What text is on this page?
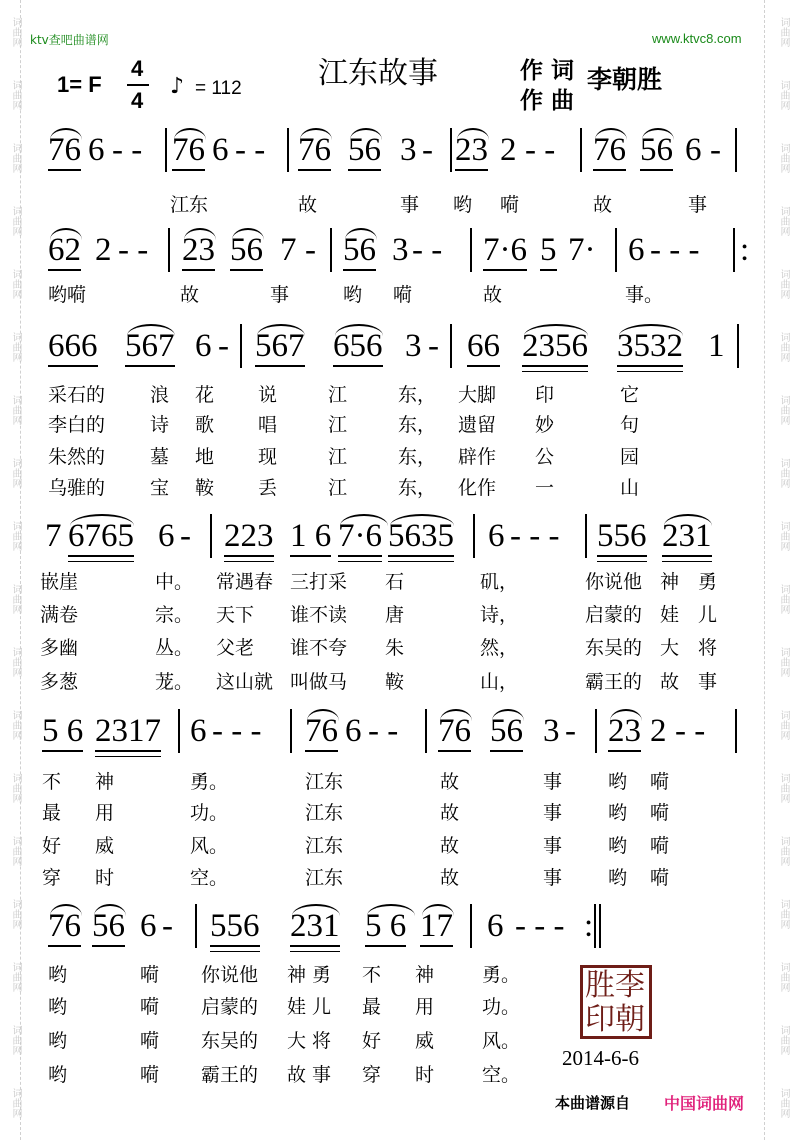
词曲网
词曲网
词曲网
词曲网
词曲网
词曲网
词曲网
词曲网
词曲网
词曲网
词曲网
词曲网
词曲网
词曲网
词曲网
词曲网
词曲网
词曲网
词曲网
词曲网
词曲网
词曲网
词曲网
词曲网
词曲网
词曲网
词曲网
词曲网
词曲网
词曲网
词曲网
词曲网
词曲网
词曲网
词曲网
词曲网
ktv查吧曲谱网	www.ktvc8.com
1= F
4
4
♪ = 112	江东故事	作 词
作 曲
李朝胜
76 6 - - 76 6 - - 76 56 3 - 23 2 - - 76 56 6 -
江东	故	事 哟 嗬	故	事
62 2 - - 23 56 7 - 56 3 - - 7·6 5 7· 6 - - - :
哟嗬	故	事	哟 嗬	故	事。
666 567 6 - 567 656 3 - 66 2356 3532 1
采石的 浪 花 说	江	东， 大脚 印	它
李白的 诗 歌 唱	江	东， 遗留 妙	句
朱然的 墓 地 现	江	东， 辟作 公	园
乌骓的 宝 鞍 丢	江	东， 化作 一	山
7 6765 6 - 223 1 6 7·6 5635 6 - - - 556 231
嵌崖	中。 常遇春 三打采 石	矶，	你说他 神 勇
满卷	宗。 天下 谁不读 唐	诗，	启蒙的 娃 儿
多幽	丛。 父老 谁不夸 朱	然，	东吴的 大 将
多葱	茏。 这山就 叫做马 鞍	山，	霸王的 故 事
5 6 2317 6 - - - 76 6 - - 76 56 3 - 23 2 - -
不 神	勇。	江东	故	事 哟 嗬
最 用	功。	江东	故	事 哟 嗬
好 威	风。	江东	故	事 哟 嗬
穿 时	空。	江东	故	事 哟 嗬
76 56 6 - 556 231 5 6 17 6 - - - :
哟	嗬 你说他 神 勇 不 神	勇。
哟	嗬 启蒙的 娃 儿 最 用	功。
哟	嗬 东吴的 大 将 好 威	风。
哟	嗬 霸王的 故 事 穿 时	空。
李
胜
朝
印
2014-6-6
本曲谱源自 中国词曲网
